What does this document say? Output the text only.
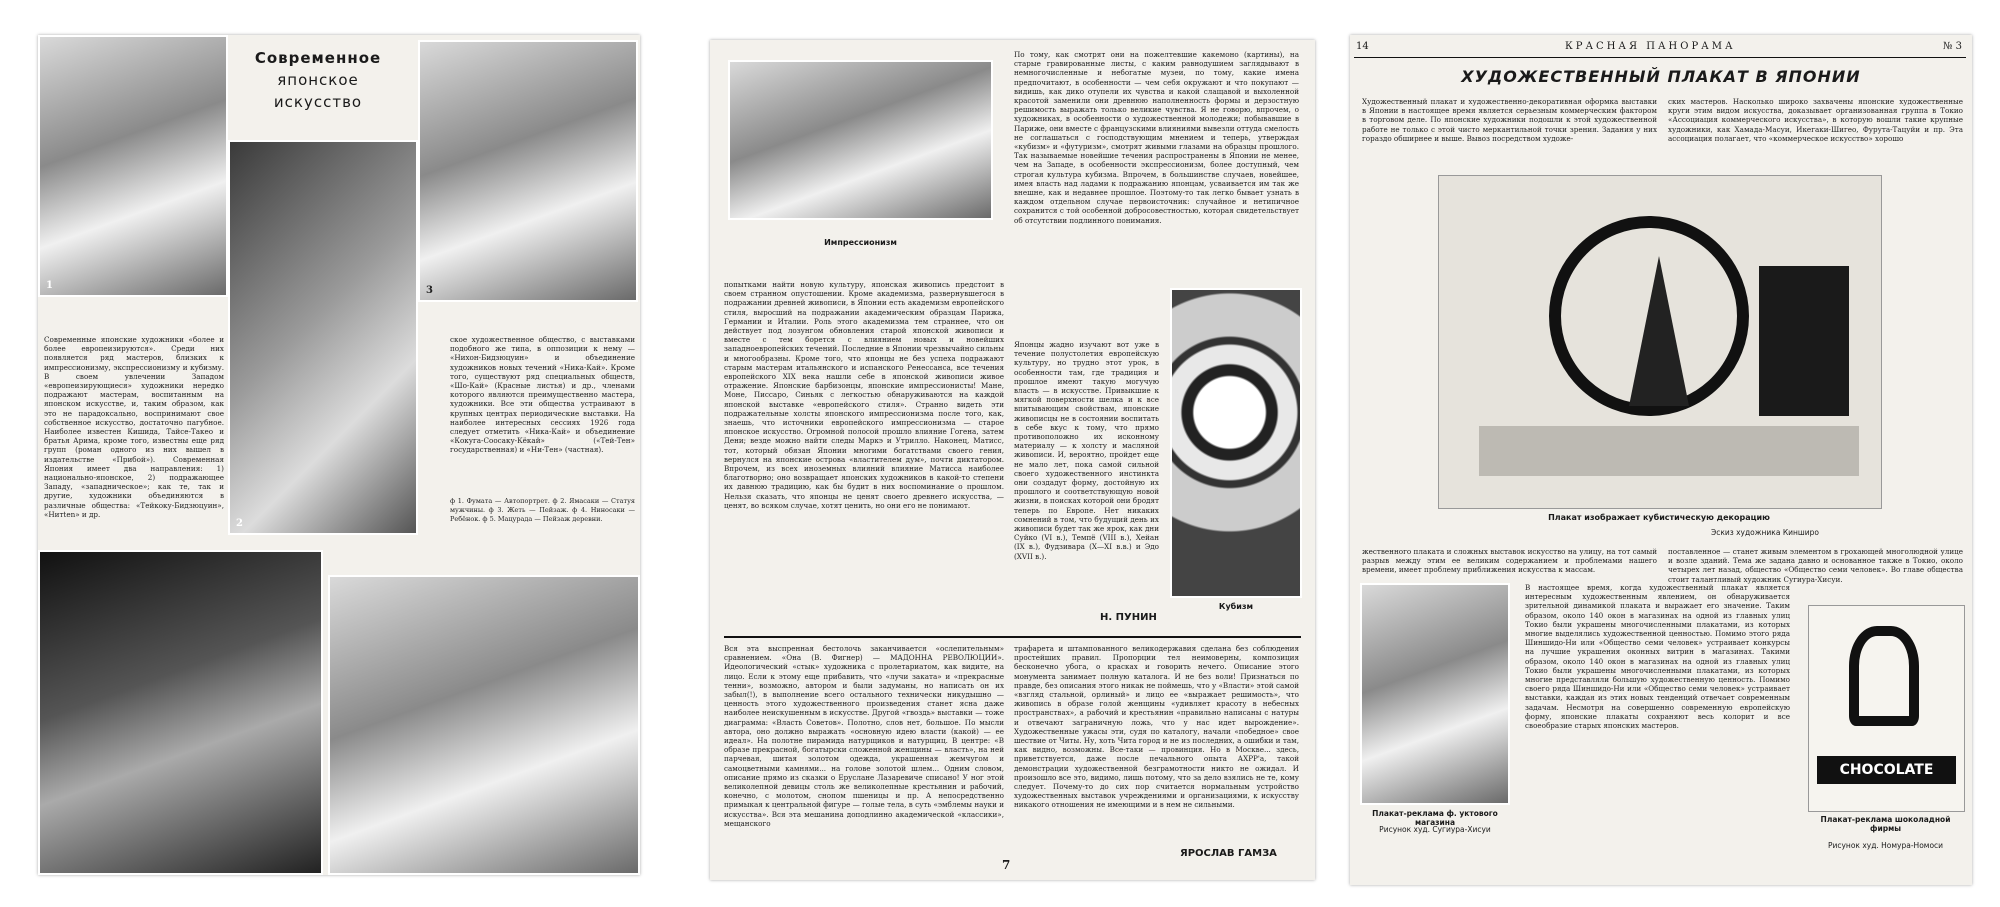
1
Современное
японское
искусство
2
3
Современные японские художники «более и более европеизируются». Среди них появляется ряд мастеров, близких к импрессионизму, экспрессионизму и кубизму. В своем увлечении Западом «европеизирующиеся» художники нередко подражают мастерам, воспитанным на японском искусстве, и, таким образом, как это не парадоксально, воспринимают свое собственное искусство, достаточно пагубное. Наиболее известен Кишида, Тайсе-Такео и братья Арима, кроме того, известны еще ряд групп (роман одного из них вышел в издательстве «Прибой»). Современная Япония имеет два направления: 1) национально-японское, 2) подражающее Западу, «западническое»; как те, так и другие, художники объединяются в различные общества: «Тейкоку-Бидзюцуин», «Нитten» и др.
ское художественное общество, с выставками подобного же типа, в оппозиции к нему — «Нихон-Бидзюцуин» и объединение художников новых течений «Ника-Кай». Кроме того, существуют ряд специальных обществ, «Шо-Кай» (Красные листья) и др., членами которого являются преимущественно мастера, художники. Все эти общества устраивают в крупных центрах периодические выставки. На наиболее интересных сессиях 1926 года следует отметить «Ника-Кай» и объединение «Кокуга-Соосаку-Кёкай» («Тей-Тен» государственная) и «Ни-Тен» (частная).
ф 1. Фумата — Автопортрет. ф 2. Ямасаки — Статуя мужчины. ф 3. Жеть — Пейзаж. ф 4. Ниносаки — Ребёнок. ф 5. Мацурада — Пейзаж деревни.
Импрессионизм
попытками найти новую культуру, японская живопись предстоит в своем странном опустошении. Кроме академизма, развернувшегося в подражании древней живописи, в Японии есть академизм европейского стиля, выросший на подражании академическим образцам Парижа, Германии и Италии. Роль этого академизма тем страннее, что он действует под лозунгом обновления старой японской живописи и вместе с тем борется с влиянием новых и новейших западноевропейских течений. Последние в Японии чрезвычайно сильны и многообразны. Кроме того, что японцы не без успеха подражают старым мастерам итальянского и испанского Ренессанса, все течения европейского XIX века нашли себе в японской живописи живое отражение. Японские барбизонцы, японские импрессионисты! Мане, Моне, Писсаро, Синьяк с легкостью обнаруживаются на каждой японской выставке «европейского стиля». Странно видеть эти подражательные холсты японского импрессионизма после того, как, знаешь, что источники европейского импрессионизма — старое японское искусство. Огромной полосой прошло влияние Гогена, затем Дени; везде можно найти следы Маркэ и Утрилло. Наконец, Матисс, тот, который обязан Японии многими богатствами своего гения, вернулся на японские острова «властителем дум», почти диктатором. Впрочем, из всех иноземных влияний влияние Матисса наиболее благотворно; оно возвращает японских художников в какой-то степени их давнюю традицию, как бы будит в них воспоминание о прошлом. Нельзя сказать, что японцы не ценят своего древнего искусства, — ценят, во всяком случае, хотят ценить, но они его не понимают.
По тому, как смотрят они на пожелтевшие какемоно (картины), на старые гравированные листы, с каким равнодушием заглядывают в немногочисленные и небогатые музеи, по тому, какие имена предпочитают, в особенности — чем себя окружают и что покупают — видишь, как дико отупели их чувства и какой слащавой и выхоленной красотой заменили они древнюю наполненность формы и дерзостную решимость выражать только великие чувства. Я не говорю, впрочем, о художниках, в особенности о художественной молодежи; побывавшие в Париже, они вместе с французскими влияниями вывезли оттуда смелость не соглашаться с господствующим мнением и теперь, утверждая «кубизм» и «футуризм», смотрят живыми глазами на образцы прошлого. Так называемые новейшие течения распространены в Японии не менее, чем на Западе, в особенности экспрессионизм, более доступный, чем строгая культура кубизма. Впрочем, в большинстве случаев, новейшее, имея власть над ладами к подражанию японцам, усваивается им так же внешне, как и недавнее прошлое. Поэтому-то так легко бывает узнать в каждом отдельном случае первоисточник: случайное и нетипичное сохранится с той особенной добросовестностью, которая свидетельствует об отсутствии подлинного понимания.
Японцы жадно изучают вот уже в течение полустолетия европейскую культуру, но трудно этот урок, в особенности там, где традиция и прошлое имеют такую могучую власть — в искусстве. Привыкшие к мягкой поверхности шелка и к все впитывающим свойствам, японские живописцы не в состоянии воспитать в себе вкус к тому, что прямо противоположно их исконному материалу — к холсту и масляной живописи. И, вероятно, пройдет еще не мало лет, пока самой сильной своего художественного инстинкта они создадут форму, достойную их прошлого и соответствующую новой жизни, в поисках которой они бродят теперь по Европе. Нет никаких сомнений в том, что будущий день их живописи будет так же ярок, как дни Суйко (VI в.), Темпё (VIII в.), Хейан (IX в.), Фудзивара (X—XI в.в.) и Эдо (XVII в.).
Кубизм
Н. ПУНИН
Вся эта выспренная бестолочь заканчивается «ослепительным» сравнением. «Она (В. Фигнер) — МАДОННА РЕВОЛЮЦИИ». Идеологический «стык» художника с пролетариатом, как видите, на лицо. Если к этому еще прибавить, что «лучи заката» и «прекрасные тенни», возможно, автором и были задуманы, но написать он их забыл(!), в выполнение всего остального технически никудышно — ценность этого художественного произведения станет ясна даже наиболее неискушенным в искусстве. Другой «гвоздь» выставки — тоже диаграмма: «Власть Советов». Полотно, слов нет, большое. По мысли автора, оно должно выражать «основную идею власти (какой) — ее идеал». На полотне пирамида натурщиков и натурщиц. В центре: «В образе прекрасной, богатырски сложенной женщины — власть», на ней парчевая, шитая золотом одежда, украшенная жемчугом и самоцветными камнями... на голове золотой шлем... Одним словом, описание прямо из сказки о Еруслане Лазаревиче списано! У ног этой великолепной девицы столь же великолепные крестьянин и рабочий, конечно, с молотом, снопом пшеницы и пр. А непосредственно примыкая к центральной фигуре — голые тела, в суть «эмблемы науки и искусства». Вся эта мешанина доподлинно академической «классики», мещанского
трафарета и штампованного великодержавия сделана без соблюдения простейших правил. Пропорции тел неимоверны, композиция бесконечно убога, о красках и говорить нечего. Описание этого монумента занимает полную каталога. И не без воли! Признаться по правде, без описания этого никак не поймешь, что у «Власти» этой самой «взгляд стальной, орлиный» и лицо ее «выражает решимость», что живопись в образе голой женщины «удивляет красоту в небесных пространствах», а рабочий и крестьянин «правильно написаны с натуры и отвечают заграничную ложь, что у нас идет вырождение». Художественные ужасы эти, судя по каталогу, начали «победное» свое шествие от Читы. Ну, хоть Чита город и не из последних, а ошибки и там, как видно, возможны. Все-таки — провинция. Но в Москве... здесь, приветствуется, даже после печального опыта АХРР'а, такой демонстрации художественной безграмотности никто не ожидал. И произошло все это, видимо, лишь потому, что за дело взялись не те, кому следует. Почему-то до сих пор считается нормальным устройство художественных выставок учреждениями и организациями, к искусству никакого отношения не имеющими и в нем не сильными.
ЯРОСЛАВ ГАМЗА
7
14	КРАСНАЯ ПАНОРАМА	№ 3
ХУДОЖЕСТВЕННЫЙ ПЛАКАТ В ЯПОНИИ
Художественный плакат и художественно-декоративная оформка выставки в Японии в настоящее время является серьезным коммерческим фактором в торговом деле. По японские художники подошли к этой художественной работе не только с этой чисто меркантильной точки зрения. Задания у них гораздо обширнее и выше. Вывоз посредством художе-
ских мастеров. Насколько широко захвачены японские художественные круги этим видом искусства, доказывает организованная группа в Токио «Ассоциация коммерческого искусства», в которую вошли такие крупные художники, как Хамада-Масуи, Икегаки-Шигео, Фурута-Тацуйи и пр. Эта ассоциация полагает, что «коммерческое искусство» хорошо
Плакат изображает кубистическую декорацию
Эскиз художника Кинширо
жественного плаката и сложных выставок искусство на улицу, на тот самый разрыв между этим ее великим содержанием и проблемами нашего времени, имеет проблему приближения искусства к массам.
поставленное — станет живым элементом в грохающей многолюдной улице и возле зданий. Тема же задана давно и основанное также в Токио, около четырех лет назад, общество «Общество семи человек». Во главе общества стоит талантливый художник Сугиура-Хисуи.
Плакат-реклама ф. уктового магазина
Рисунок худ. Сугиура-Хисуи
В настоящее время, когда художественный плакат является интересным художественным явлением, он обнаруживается зрительной динамикой плаката и выражает его значение. Таким образом, около 140 окон в магазинах на одной из главных улиц Токио были украшены многочисленными плакатами, из которых многие выделялись художественной ценностью. Помимо этого ряда Шиншидо-Ни или «Общество семи человек» устраивает конкурсы на лучшие украшения оконных витрин в магазинах. Такими образом, около 140 окон в магазинах на одной из главных улиц Токио были украшены многочисленными плакатами, из которых многие представляли большую художественную ценность. Помимо своего ряда Шиншидо-Ни или «Общество семи человек» устраивает выставки, каждая из этих новых тенденций отвечает современным задачам. Несмотря на совершенно современную европейскую форму, японские плакаты сохраняют весь колорит и все своеобразие старых японских мастеров.
CHOCOLATE
Плакат-реклама шоколадной фирмы
Рисунок худ. Номура-Номоси
